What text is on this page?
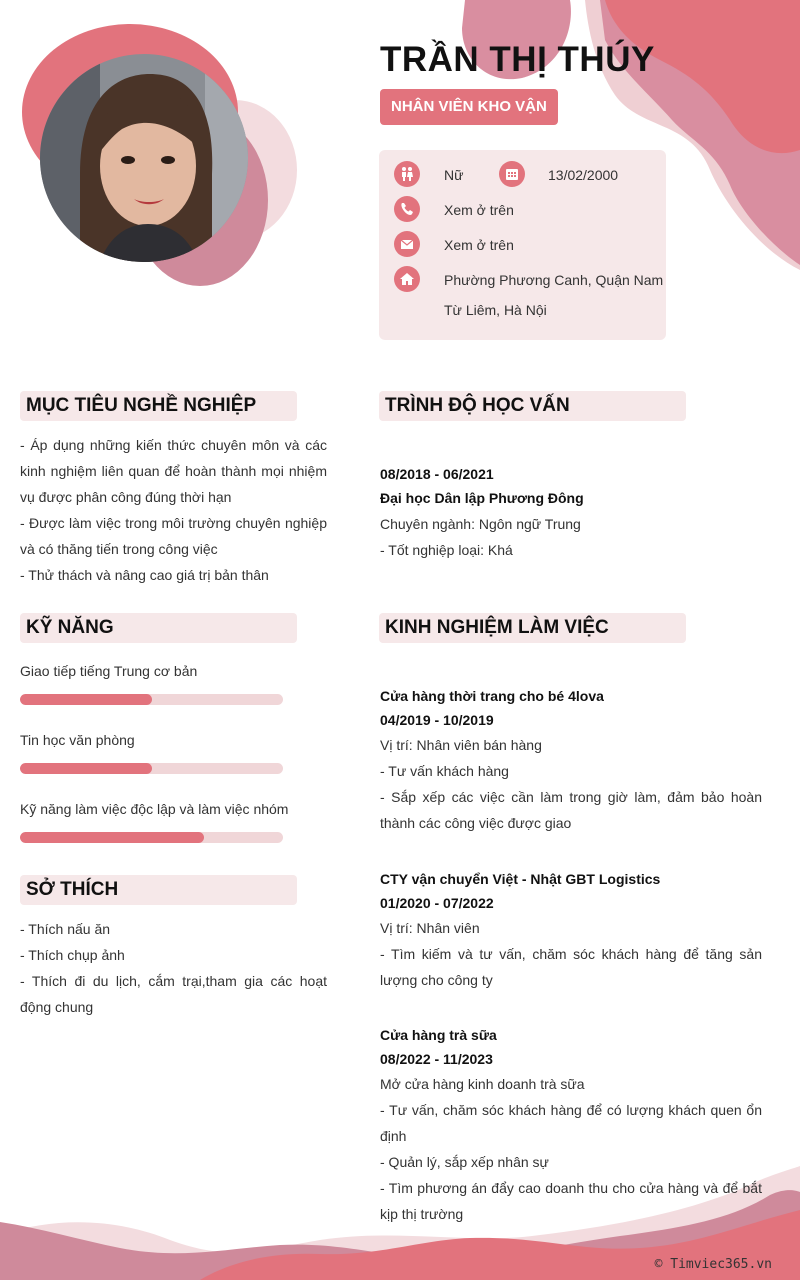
TRẦN THỊ THÚY
NHÂN VIÊN KHO VẬN
Nữ	13/02/2000
Xem ở trên
Xem ở trên
Phường Phương Canh, Quận Nam
Từ Liêm, Hà Nội
MỤC TIÊU NGHỀ NGHIỆP	TRÌNH ĐỘ HỌC VẤN
KỸ NĂNG	KINH NGHIỆM LÀM VIỆC
SỞ THÍCH

- Áp dụng những kiến thức chuyên môn và các kinh nghiệm liên quan để hoàn thành mọi nhiệm vụ được phân công đúng thời hạn

- Được làm việc trong môi trường chuyên nghiệp và có thăng tiến trong công việc

- Thử thách và nâng cao giá trị bản thân

08/2018 - 06/2021
Đại học Dân lập Phương Đông
Chuyên ngành: Ngôn ngữ Trung
- Tốt nghiệp loại: Khá
Giao tiếp tiếng Trung cơ bản
Tin học văn phòng
Kỹ năng làm việc độc lập và làm việc nhóm

- Thích nấu ăn

- Thích chụp ảnh

- Thích đi du lịch, cắm trại,tham gia các hoạt động chung

Cửa hàng thời trang cho bé 4lova
04/2019 - 10/2019
Vị trí: Nhân viên bán hàng
- Tư vấn khách hàng
- Sắp xếp các việc cần làm trong giờ làm, đảm bảo hoàn thành các công việc được giao
CTY vận chuyển Việt - Nhật GBT Logistics
01/2020 - 07/2022
Vị trí: Nhân viên
- Tìm kiếm và tư vấn, chăm sóc khách hàng để tăng sản lượng cho công ty
Cửa hàng trà sữa
08/2022 - 11/2023
Mở cửa hàng kinh doanh trà sữa
- Tư vấn, chăm sóc khách hàng để có lượng khách quen ổn định
- Quản lý, sắp xếp nhân sự
- Tìm phương án đẩy cao doanh thu cho cửa hàng và để bắt kịp thị trường
© Timviec365.vn
